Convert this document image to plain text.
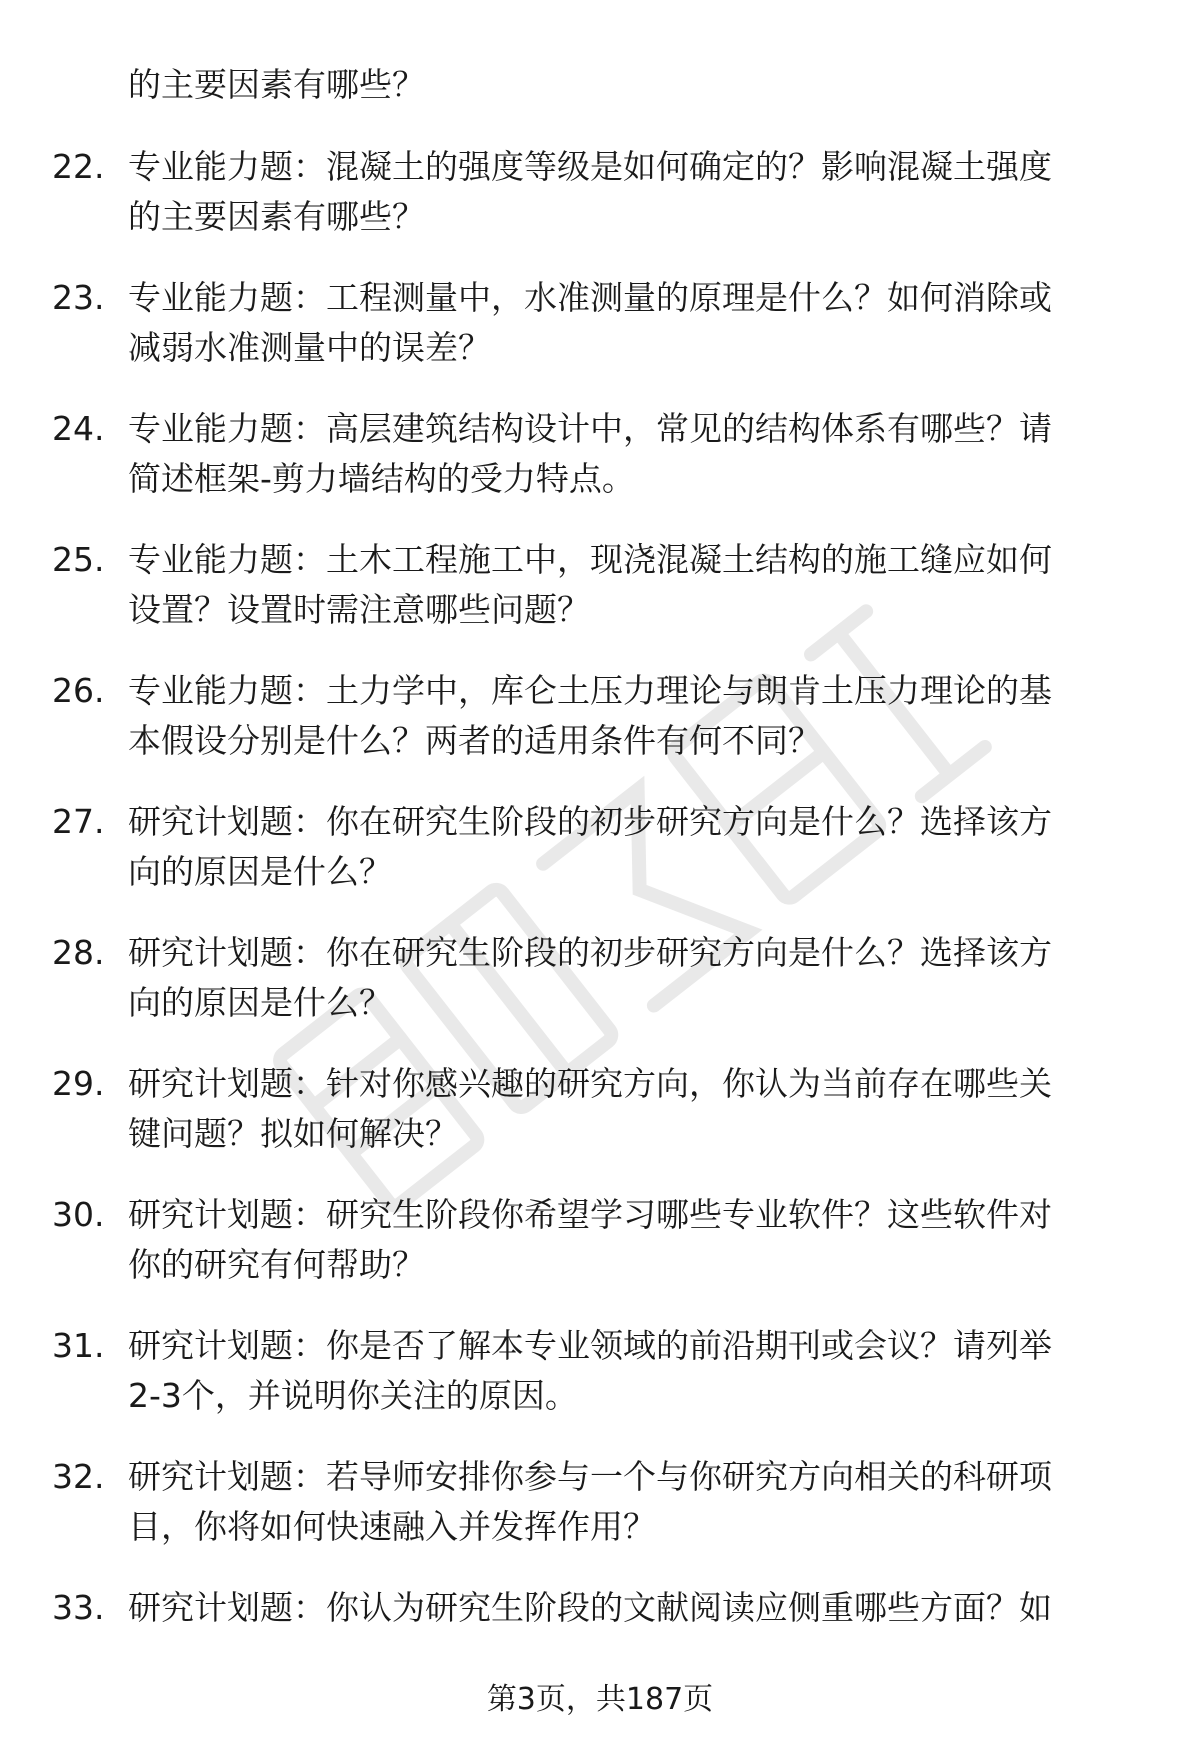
的主要因素有哪些？
22. 专业能力题：混凝土的强度等级是如何确定的？影响混凝土强度
的主要因素有哪些？
23. 专业能力题：工程测量中，水准测量的原理是什么？如何消除或
减弱水准测量中的误差？
24. 专业能力题：高层建筑结构设计中，常见的结构体系有哪些？请
简述框架-剪力墙结构的受力特点。
25. 专业能力题：土木工程施工中，现浇混凝土结构的施工缝应如何
设置？设置时需注意哪些问题？
26. 专业能力题：土力学中，库仑土压力理论与朗肯土压力理论的基
本假设分别是什么？两者的适用条件有何不同？
27. 研究计划题：你在研究生阶段的初步研究方向是什么？选择该方
向的原因是什么？
28. 研究计划题：你在研究生阶段的初步研究方向是什么？选择该方
向的原因是什么？
29. 研究计划题：针对你感兴趣的研究方向，你认为当前存在哪些关
键问题？拟如何解决？
30. 研究计划题：研究生阶段你希望学习哪些专业软件？这些软件对
你的研究有何帮助？
31. 研究计划题：你是否了解本专业领域的前沿期刊或会议？请列举
2-3个，并说明你关注的原因。
32. 研究计划题：若导师安排你参与一个与你研究方向相关的科研项
目，你将如何快速融入并发挥作用？
33. 研究计划题：你认为研究生阶段的文献阅读应侧重哪些方面？如
第3页，共187页
